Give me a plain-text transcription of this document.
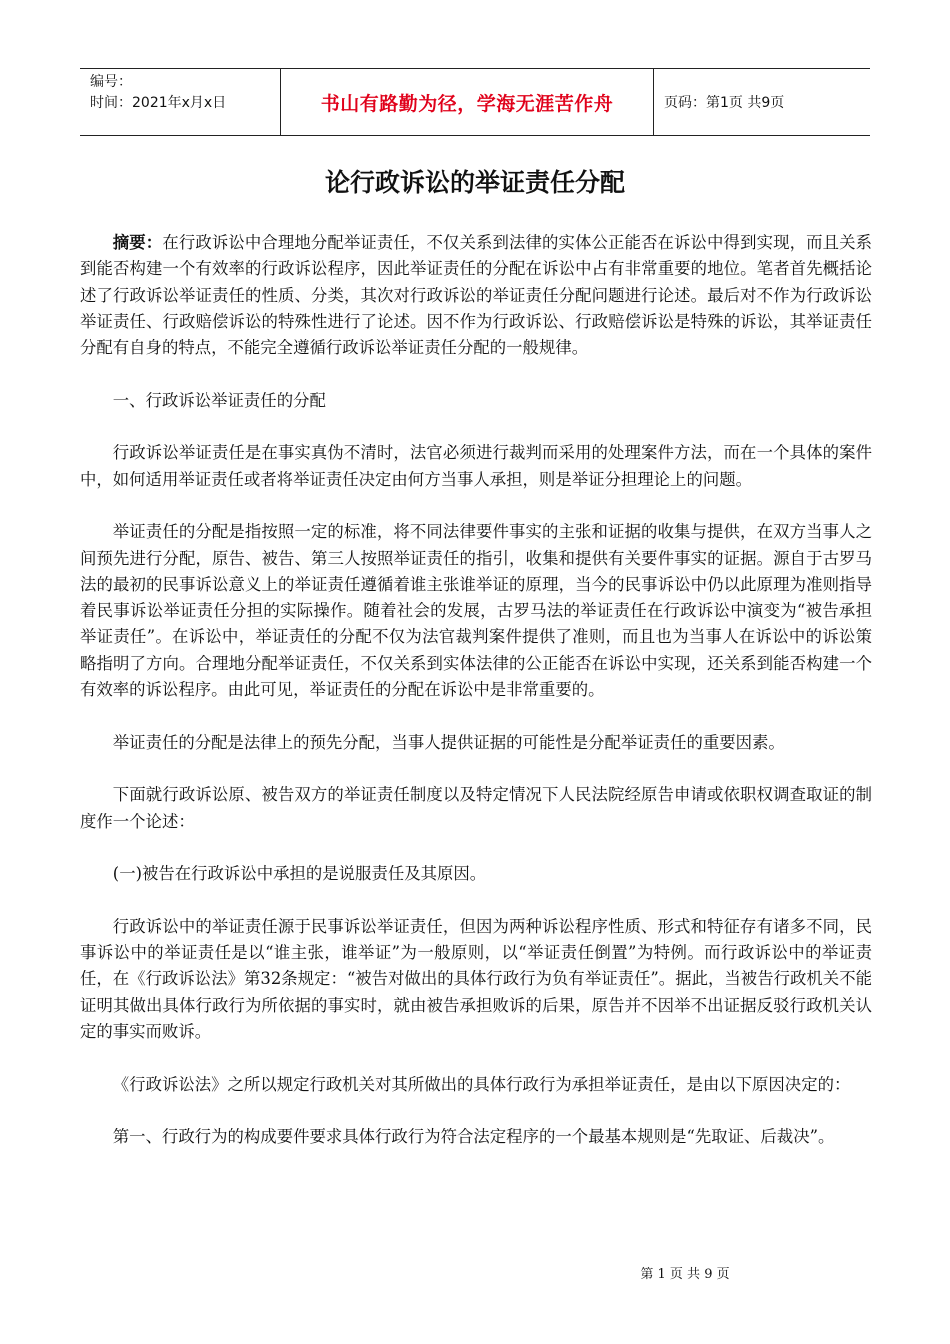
编号：
时间：2021年x月x日	书山有路勤为径，学海无涯苦作舟	页码：第1页 共9页
论行政诉讼的举证责任分配

摘要：在行政诉讼中合理地分配举证责任，不仅关系到法律的实体公正能否在诉讼中得到实现，而且关系到能否构建一个有效率的行政诉讼程序，因此举证责任的分配在诉讼中占有非常重要的地位。笔者首先概括论述了行政诉讼举证责任的性质、分类，其次对行政诉讼的举证责任分配问题进行论述。最后对不作为行政诉讼举证责任、行政赔偿诉讼的特殊性进行了论述。因不作为行政诉讼、行政赔偿诉讼是特殊的诉讼，其举证责任分配有自身的特点，不能完全遵循行政诉讼举证责任分配的一般规律。

一、行政诉讼举证责任的分配

行政诉讼举证责任是在事实真伪不清时，法官必须进行裁判而采用的处理案件方法，而在一个具体的案件中，如何适用举证责任或者将举证责任决定由何方当事人承担，则是举证分担理论上的问题。

举证责任的分配是指按照一定的标准，将不同法律要件事实的主张和证据的收集与提供，在双方当事人之间预先进行分配，原告、被告、第三人按照举证责任的指引，收集和提供有关要件事实的证据。源自于古罗马法的最初的民事诉讼意义上的举证责任遵循着谁主张谁举证的原理，当今的民事诉讼中仍以此原理为准则指导着民事诉讼举证责任分担的实际操作。随着社会的发展，古罗马法的举证责任在行政诉讼中演变为“被告承担举证责任”。在诉讼中，举证责任的分配不仅为法官裁判案件提供了准则，而且也为当事人在诉讼中的诉讼策略指明了方向。合理地分配举证责任，不仅关系到实体法律的公正能否在诉讼中实现，还关系到能否构建一个有效率的诉讼程序。由此可见，举证责任的分配在诉讼中是非常重要的。

举证责任的分配是法律上的预先分配，当事人提供证据的可能性是分配举证责任的重要因素。

下面就行政诉讼原、被告双方的举证责任制度以及特定情况下人民法院经原告申请或依职权调查取证的制度作一个论述：

(一)被告在行政诉讼中承担的是说服责任及其原因。

行政诉讼中的举证责任源于民事诉讼举证责任，但因为两种诉讼程序性质、形式和特征存有诸多不同，民事诉讼中的举证责任是以“谁主张，谁举证”为一般原则，以“举证责任倒置”为特例。而行政诉讼中的举证责任，在《行政诉讼法》第32条规定：“被告对做出的具体行政行为负有举证责任”。据此，当被告行政机关不能证明其做出具体行政行为所依据的事实时，就由被告承担败诉的后果，原告并不因举不出证据反驳行政机关认定的事实而败诉。

《行政诉讼法》之所以规定行政机关对其所做出的具体行政行为承担举证责任，是由以下原因决定的：

第一、行政行为的构成要件要求具体行政行为符合法定程序的一个最基本规则是“先取证、后裁决”。

第 1 页 共 9 页
